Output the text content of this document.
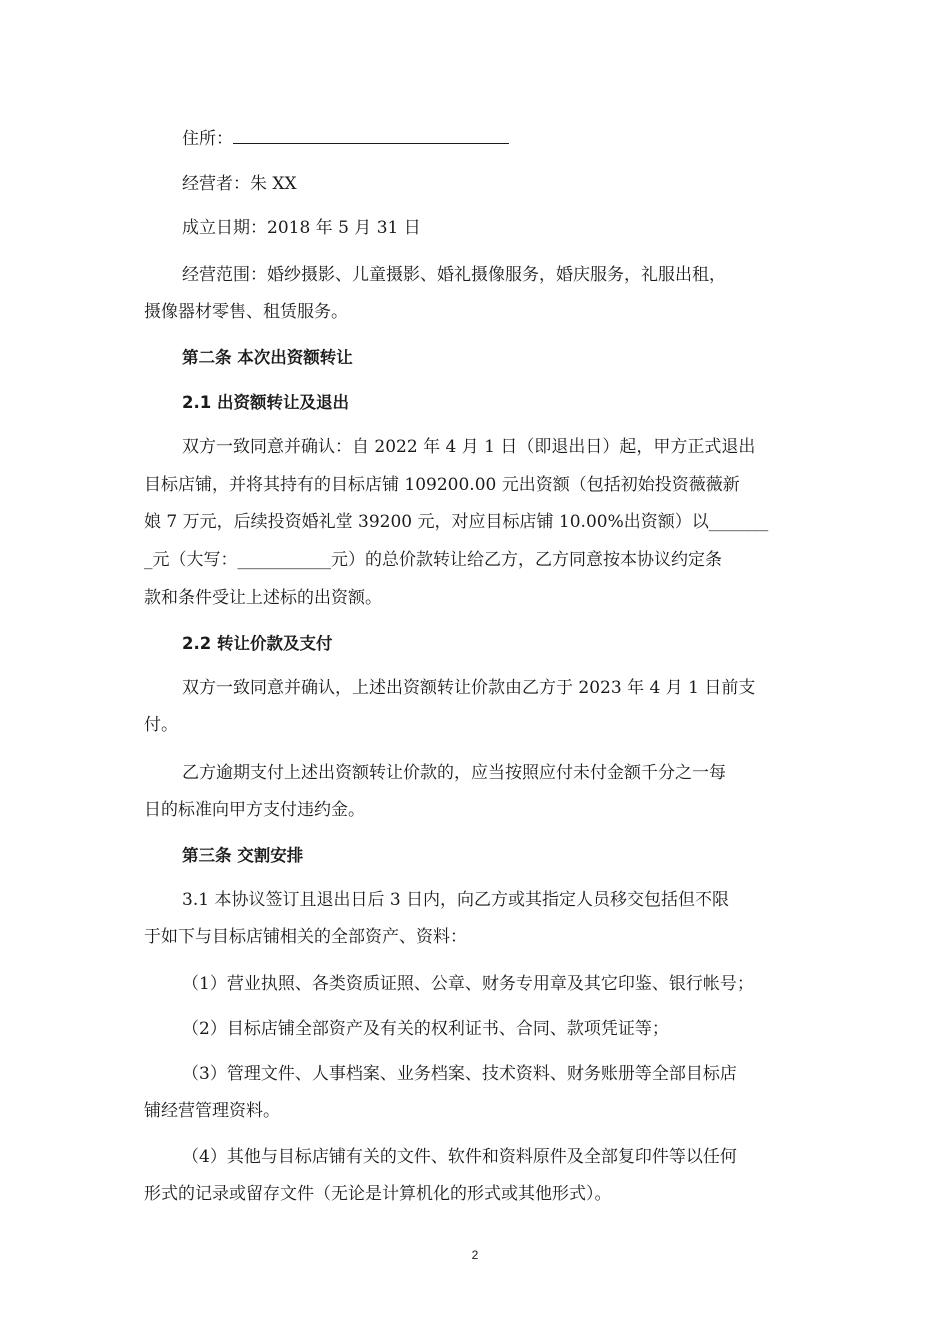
住所：
经营者：朱 XX
成立日期：2018 年 5 月 31 日
经营范围：婚纱摄影、儿童摄影、婚礼摄像服务，婚庆服务，礼服出租，
摄像器材零售、租赁服务。
第二条 本次出资额转让
2.1 出资额转让及退出
双方一致同意并确认：自 2022 年 4 月 1 日（即退出日）起，甲方正式退出
目标店铺，并将其持有的目标店铺 109200.00 元出资额（包括初始投资薇薇新
娘 7 万元，后续投资婚礼堂 39200 元，对应目标店铺 10.00%出资额）以_______
_元（大写：___________元）的总价款转让给乙方，乙方同意按本协议约定条
款和条件受让上述标的出资额。
2.2 转让价款及支付
双方一致同意并确认，上述出资额转让价款由乙方于 2023 年 4 月 1 日前支
付。
乙方逾期支付上述出资额转让价款的，应当按照应付未付金额千分之一每
日的标准向甲方支付违约金。
第三条 交割安排
3.1 本协议签订且退出日后 3 日内，向乙方或其指定人员移交包括但不限
于如下与目标店铺相关的全部资产、资料：
（1）营业执照、各类资质证照、公章、财务专用章及其它印鉴、银行帐号；
（2）目标店铺全部资产及有关的权利证书、合同、款项凭证等；
（3）管理文件、人事档案、业务档案、技术资料、财务账册等全部目标店
铺经营管理资料。
（4）其他与目标店铺有关的文件、软件和资料原件及全部复印件等以任何
形式的记录或留存文件（无论是计算机化的形式或其他形式）。
2
